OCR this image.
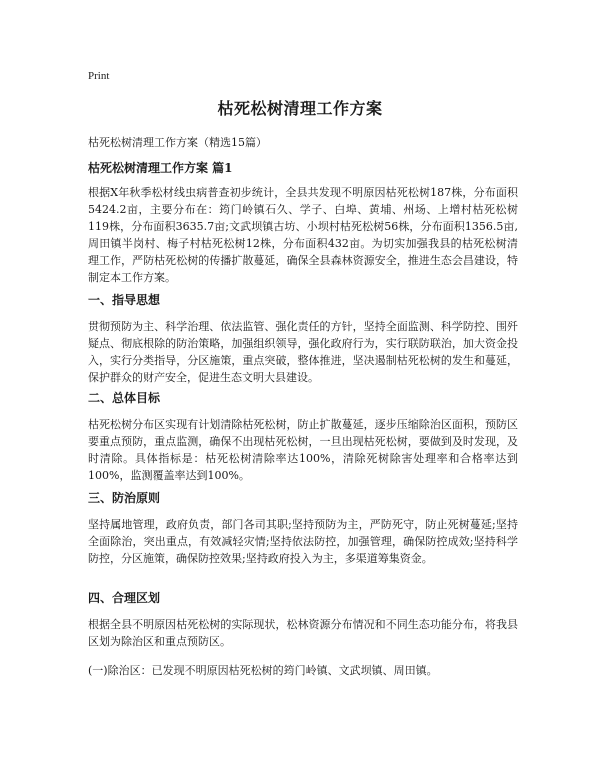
Print
枯死松树清理工作方案
枯死松树清理工作方案（精选15篇）
枯死松树清理工作方案 篇1
根据X年秋季松材线虫病普查初步统计，全县共发现不明原因枯死松树187株，分布面积5424.2亩，主要分布在：筠门岭镇石久、学子、白埠、黄埔、州场、上增村枯死松树119株，分布面积3635.7亩;文武坝镇古坊、小坝村枯死松树56株，分布面积1356.5亩,周田镇半岗村、梅子村枯死松树12株，分布面积432亩。为切实加强我县的枯死松树清理工作，严防枯死松树的传播扩散蔓延，确保全县森林资源安全，推进生态会昌建设，特制定本工作方案。
一、指导思想
贯彻预防为主、科学治理、依法监管、强化责任的方针，坚持全面监测、科学防控、围歼疑点、彻底根除的防治策略，加强组织领导，强化政府行为，实行联防联治，加大资金投入，实行分类指导，分区施策，重点突破，整体推进，坚决遏制枯死松树的发生和蔓延，保护群众的财产安全，促进生态文明大县建设。
二、总体目标
枯死松树分布区实现有计划清除枯死松树，防止扩散蔓延，逐步压缩除治区面积，预防区要重点预防，重点监测，确保不出现枯死松树，一旦出现枯死松树，要做到及时发现，及时清除。具体指标是：枯死松树清除率达100%，清除死树除害处理率和合格率达到100%，监测覆盖率达到100%。
三、防治原则
坚持属地管理，政府负责，部门各司其职;坚持预防为主，严防死守，防止死树蔓延;坚持全面除治，突出重点，有效减轻灾情;坚持依法防控，加强管理，确保防控成效;坚持科学防控，分区施策，确保防控效果;坚持政府投入为主，多渠道筹集资金。
四、合理区划
根据全县不明原因枯死松树的实际现状，松林资源分布情况和不同生态功能分布，将我县区划为除治区和重点预防区。
(一)除治区：已发现不明原因枯死松树的筠门岭镇、文武坝镇、周田镇。
